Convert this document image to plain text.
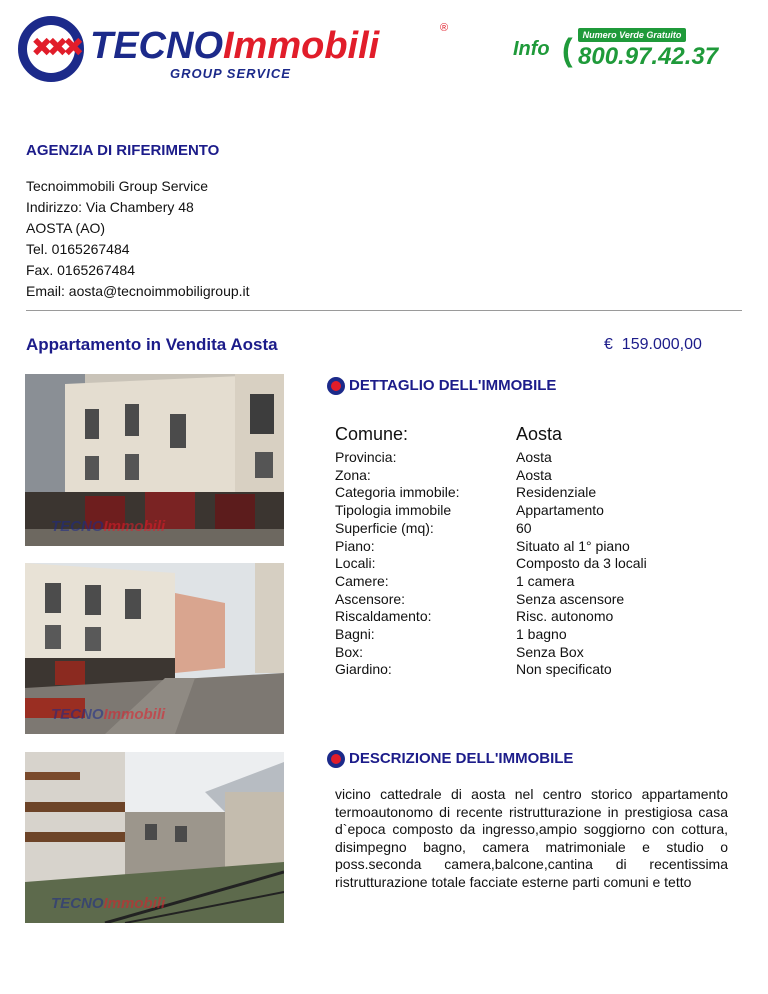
✖✖✖ TECNOImmobili	®
GROUP SERVICE
Info (	Numero Verde Gratuito
800.97.42.37
AGENZIA DI RIFERIMENTO
Tecnoimmobili Group Service
Indirizzo: Via Chambery 48
AOSTA (AO)
Tel. 0165267484
Fax. 0165267484
Email: aosta@tecnoimmobiligroup.it
Appartamento in Vendita Aosta	€ 159.000,00
TECNOImmobili
TECNOImmobili
TECNOImmobili
DETTAGLIO DELL'IMMOBILE
Comune:	Aosta
Provincia:	Aosta
Zona:	Aosta
Categoria immobile:	Residenziale
Tipologia immobile	Appartamento
Superficie (mq):	60
Piano:	Situato al 1° piano
Locali:	Composto da 3 locali
Camere:	1 camera
Ascensore:	Senza ascensore
Riscaldamento:	Risc. autonomo
Bagni:	1 bagno
Box:	Senza Box
Giardino:	Non specificato
DESCRIZIONE DELL'IMMOBILE
vicino cattedrale di aosta nel centro storico appartamento termoautonomo di recente ristrutturazione in prestigiosa casa d`epoca composto da ingresso,ampio soggiorno con cottura, disimpegno bagno, camera matrimoniale e studio o poss.seconda camera,balcone,cantina di recentissima ristrutturazione totale facciate esterne parti comuni e tetto
